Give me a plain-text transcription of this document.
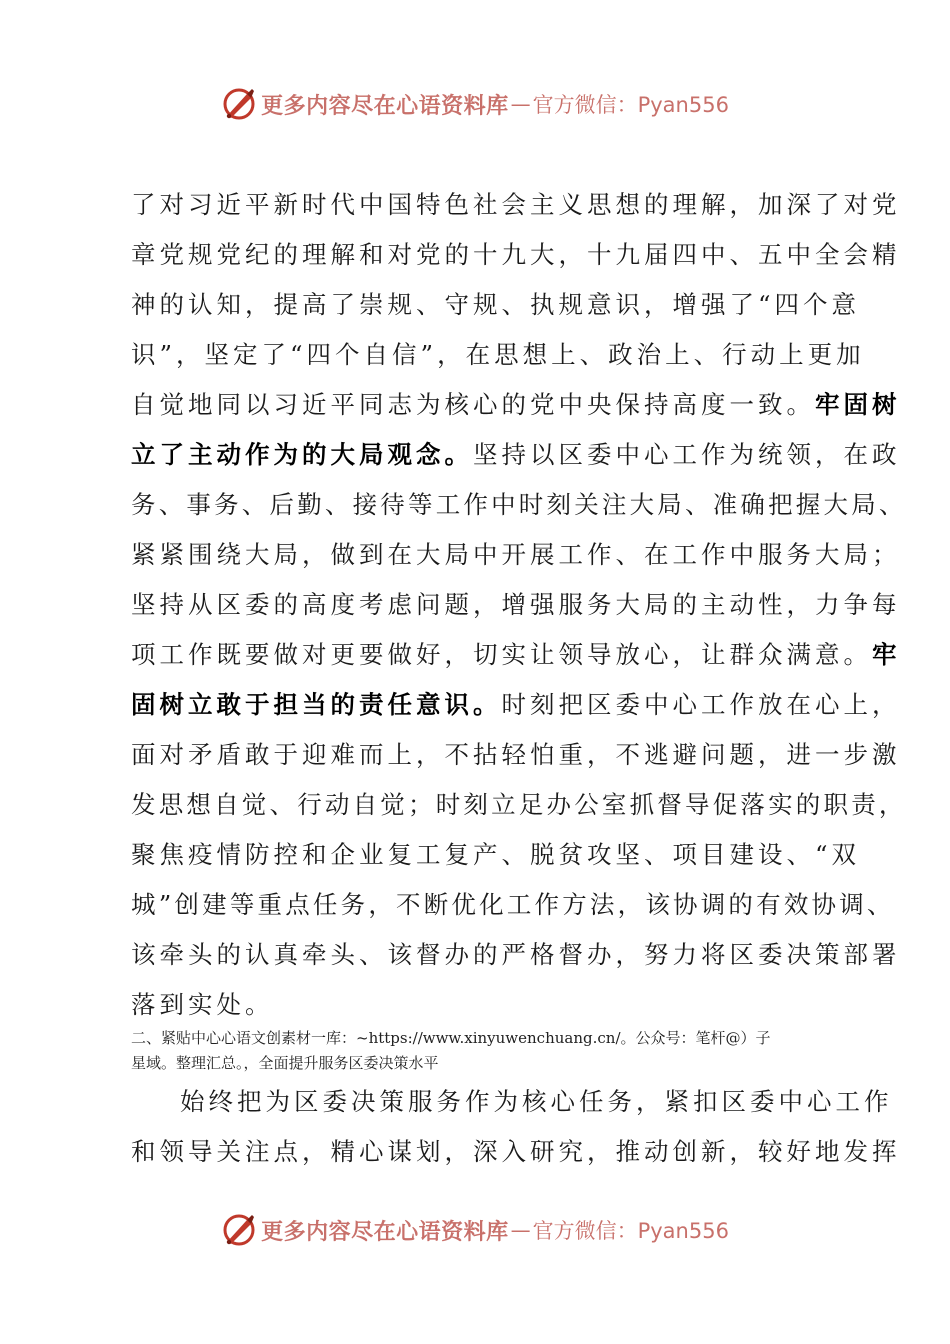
更多内容尽在心语资料库 — 官方微信：Pyan556
了对习近平新时代中国特色社会主义思想的理解，加深了对党
章党规党纪的理解和对党的十九大，十九届四中、五中全会精
神的认知，提高了崇规、守规、执规意识，增强了“四个意
识”，坚定了“四个自信”，在思想上、政治上、行动上更加
自觉地同以习近平同志为核心的党中央保持高度一致。牢固树
立了主动作为的大局观念。坚持以区委中心工作为统领，在政
务、事务、后勤、接待等工作中时刻关注大局、准确把握大局、
紧紧围绕大局，做到在大局中开展工作、在工作中服务大局；
坚持从区委的高度考虑问题，增强服务大局的主动性，力争每
项工作既要做对更要做好，切实让领导放心，让群众满意。牢
固树立敢于担当的责任意识。时刻把区委中心工作放在心上，
面对矛盾敢于迎难而上，不拈轻怕重，不逃避问题，进一步激
发思想自觉、行动自觉；时刻立足办公室抓督导促落实的职责，
聚焦疫情防控和企业复工复产、脱贫攻坚、项目建设、“双
城”创建等重点任务，不断优化工作方法，该协调的有效协调、
该牵头的认真牵头、该督办的严格督办，努力将区委决策部署
落到实处。
二、紧贴中心心语文创素材一库：~https://www.xinyuwenchuang.cn/。公众号：笔杆@）子
星域。整理汇总。，全面提升服务区委决策水平
始终把为区委决策服务作为核心任务，紧扣区委中心工作
和领导关注点，精心谋划，深入研究，推动创新，较好地发挥
更多内容尽在心语资料库 — 官方微信：Pyan556
